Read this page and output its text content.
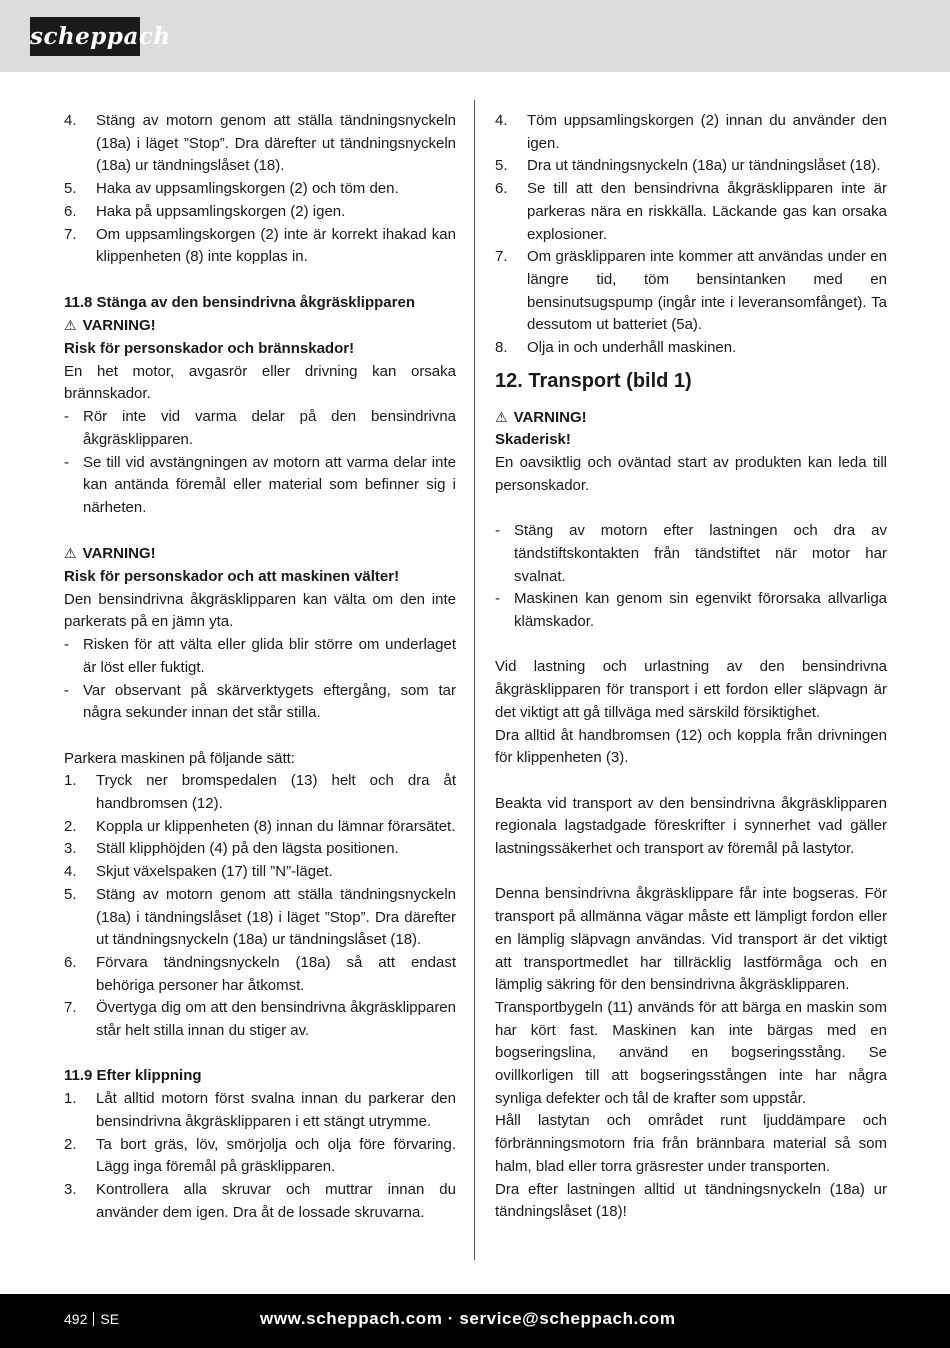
scheppach
4.	Stäng av motorn genom att ställa tändningsnyckeln (18a) i läget ”Stop”. Dra därefter ut tändningsnyckeln (18a) ur tändningslåset (18).
5.	Haka av uppsamlingskorgen (2) och töm den.
6.	Haka på uppsamlingskorgen (2) igen.
7.	Om uppsamlingskorgen (2) inte är korrekt ihakad kan klippenheten (8) inte kopplas in.

11.8 Stänga av den bensindrivna åkgräsklipparen

⚠ VARNING!

Risk för personskador och brännskador!

En het motor, avgasrör eller drivning kan orsaka brännskador.

- Rör inte vid varma delar på den bensindrivna åkgräsklipparen.
- Se till vid avstängningen av motorn att varma delar inte kan antända föremål eller material som befinner sig i närheten.

⚠ VARNING!

Risk för personskador och att maskinen välter!

Den bensindrivna åkgräsklipparen kan välta om den inte parkerats på en jämn yta.

- Risken för att välta eller glida blir större om underlaget är löst eller fuktigt.
- Var observant på skärverktygets eftergång, som tar några sekunder innan det står stilla.

Parkera maskinen på följande sätt:

1.	Tryck ner bromspedalen (13) helt och dra åt handbromsen (12).
2.	Koppla ur klippenheten (8) innan du lämnar förarsätet.
3.	Ställ klipphöjden (4) på den lägsta positionen.
4.	Skjut växelspaken (17) till ”N”-läget.
5.	Stäng av motorn genom att ställa tändningsnyckeln (18a) i tändningslåset (18) i läget ”Stop”. Dra därefter ut tändningsnyckeln (18a) ur tändningslåset (18).
6.	Förvara tändningsnyckeln (18a) så att endast behöriga personer har åtkomst.
7.	Övertyga dig om att den bensindrivna åkgräsklipparen står helt stilla innan du stiger av.

11.9 Efter klippning

1.	Låt alltid motorn först svalna innan du parkerar den bensindrivna åkgräsklipparen i ett stängt utrymme.
2.	Ta bort gräs, löv, smörjolja och olja före förvaring. Lägg inga föremål på gräsklipparen.
3.	Kontrollera alla skruvar och muttrar innan du använder dem igen. Dra åt de lossade skruvarna.
4.	Töm uppsamlingskorgen (2) innan du använder den igen.
5.	Dra ut tändningsnyckeln (18a) ur tändningslåset (18).
6.	Se till att den bensindrivna åkgräsklipparen inte är parkeras nära en riskkälla. Läckande gas kan orsaka explosioner.
7.	Om gräsklipparen inte kommer att användas under en längre tid, töm bensintanken med en bensinutsugspump (ingår inte i leveransomfånget). Ta dessutom ut batteriet (5a).
8.	Olja in och underhåll maskinen.
12. Transport (bild 1)

⚠ VARNING!

Skaderisk!

En oavsiktlig och oväntad start av produkten kan leda till personskador.

- Stäng av motorn efter lastningen och dra av tändstiftskontakten från tändstiftet när motor har svalnat.
- Maskinen kan genom sin egenvikt förorsaka allvarliga klämskador.

Vid lastning och urlastning av den bensindrivna åkgräsklipparen för transport i ett fordon eller släpvagn är det viktigt att gå tillväga med särskild försiktighet.

Dra alltid åt handbromsen (12) och koppla från drivningen för klippenheten (3).

Beakta vid transport av den bensindrivna åkgräsklipparen regionala lagstadgade föreskrifter i synnerhet vad gäller lastningssäkerhet och transport av föremål på lastytor.

Denna bensindrivna åkgräsklippare får inte bogseras. För transport på allmänna vägar måste ett lämpligt fordon eller en lämplig släpvagn användas. Vid transport är det viktigt att transportmedlet har tillräcklig lastförmåga och en lämplig säkring för den bensindrivna åkgräsklipparen.

Transportbygeln (11) används för att bärga en maskin som har kört fast. Maskinen kan inte bärgas med en bogseringslina, använd en bogseringsstång. Se ovillkorligen till att bogseringsstången inte har några synliga defekter och tål de krafter som uppstår.

Håll lastytan och området runt ljuddämpare och förbränningsmotorn fria från brännbara material så som halm, blad eller torra gräsrester under transporten.

Dra efter lastningen alltid ut tändningsnyckeln (18a) ur tändningslåset (18)!

492 SE	www.scheppach.com · service@scheppach.com
